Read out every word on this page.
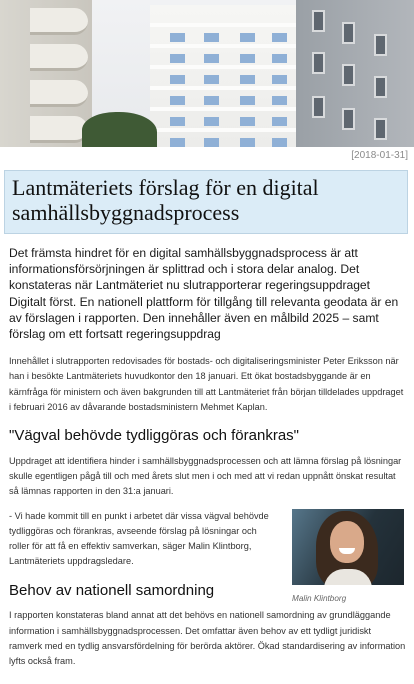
[2018-01-31]
Lantmäteriets förslag för en digital samhällsbyggnadsprocess

Det främsta hindret för en digital samhällsbyggnadsprocess är att informationsförsörjningen är splittrad och i stora delar analog. Det konstateras när Lantmäteriet nu slutrapporterar regeringsuppdraget Digitalt först. En nationell plattform för tillgång till relevanta geodata är en av förslagen i rapporten. Den innehåller även en målbild 2025 – samt förslag om ett fortsatt regeringsuppdrag

Innehållet i slutrapporten redovisades för bostads- och digitaliseringsminister Peter Eriksson när han i besökte Lantmäteriets huvudkontor den 18 januari. Ett ökat bostadsbyggande är en kärnfråga för ministern och även bakgrunden till att Lantmäteriet från början tilldelades uppdraget i februari 2016 av dåvarande bostadsministern Mehmet Kaplan.

"Vägval behövde tydliggöras och förankras"

Uppdraget att identifiera hinder i samhällsbyggnadsprocessen och att lämna förslag på lösningar skulle egentligen pågå till och med årets slut men i och med att vi redan uppnått önskat resultat så lämnas rapporten in den 31:a januari.

- Vi hade kommit till en punkt i arbetet där vissa vägval behövde tydliggöras och förankras, avseende förslag på lösningar och roller för att få en effektiv samverkan, säger Malin Klintborg, Lantmäteriets uppdragsledare.

Behov av nationell samordning	Malin Klintborg

I rapporten konstateras bland annat att det behövs en nationell samordning av grundläggande information i samhällsbyggnadsprocessen. Det omfattar även behov av ett tydligt juridiskt ramverk med en tydlig ansvarsfördelning för berörda aktörer. Ökad standardisering av information lyfts också fram.
